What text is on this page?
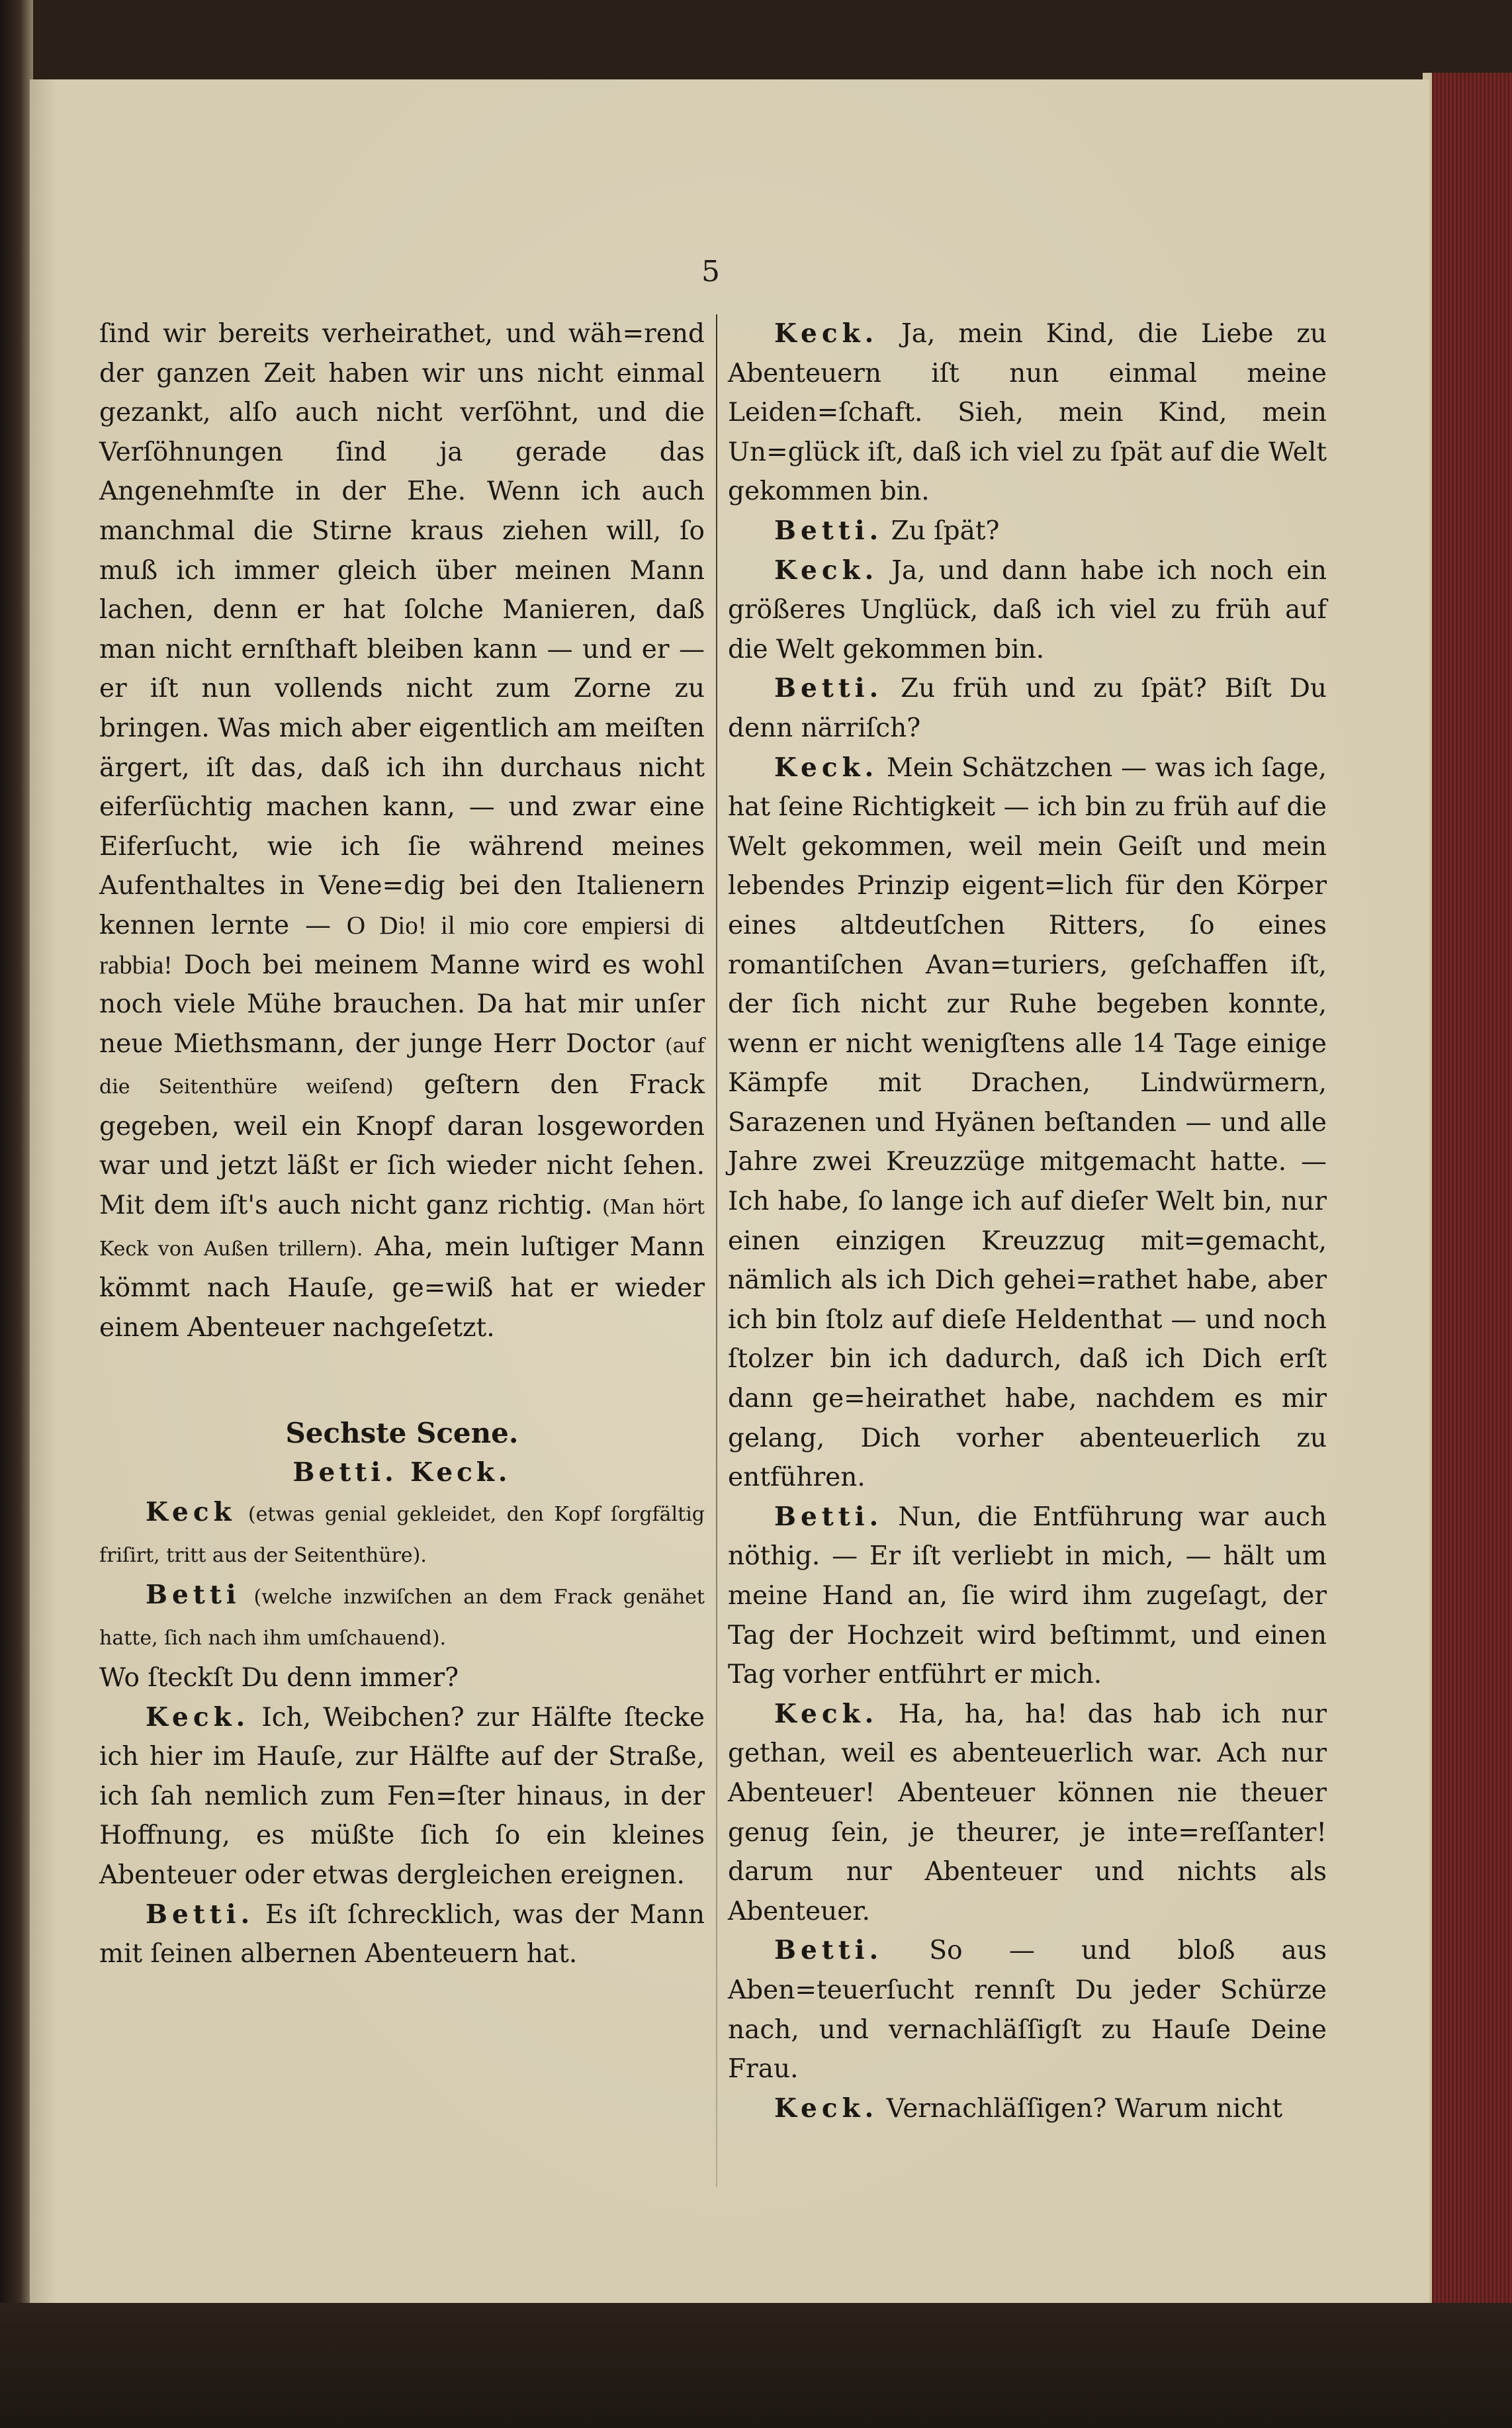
5

ſind wir bereits verheirathet, und wäh=rend der ganzen Zeit haben wir uns nicht einmal gezankt, alſo auch nicht verſöhnt, und die Verſöhnungen ſind ja gerade das Angenehmſte in der Ehe. Wenn ich auch manchmal die Stirne kraus ziehen will, ſo muß ich immer gleich über meinen Mann lachen, denn er hat ſolche Manieren, daß man nicht ernſthaft bleiben kann — und er — er iſt nun vollends nicht zum Zorne zu bringen. Was mich aber eigentlich am meiſten ärgert, iſt das, daß ich ihn durchaus nicht eiferſüchtig machen kann, — und zwar eine Eiferſucht, wie ich ſie während meines Aufenthaltes in Vene=dig bei den Italienern kennen lernte — O Dio! il mio core empiersi di rabbia! Doch bei meinem Manne wird es wohl noch viele Mühe brauchen. Da hat mir unſer neue Miethsmann, der junge Herr Doctor (auf die Seitenthüre weiſend) geſtern den Frack gegeben, weil ein Knopf daran losgeworden war und jetzt läßt er ſich wieder nicht ſehen. Mit dem iſt's auch nicht ganz richtig. (Man hört Keck von Außen trillern). Aha, mein luſtiger Mann kömmt nach Hauſe, ge=wiß hat er wieder einem Abenteuer nachgeſetzt.

Sechste Scene.

Betti. Keck.

Keck (etwas genial gekleidet, den Kopf ſorgfältig friſirt, tritt aus der Seitenthüre).

Betti (welche inzwiſchen an dem Frack genähet hatte, ſich nach ihm umſchauend).
Wo ſteckſt Du denn immer?

Keck. Ich, Weibchen? zur Hälfte ſtecke ich hier im Hauſe, zur Hälfte auf der Straße, ich ſah nemlich zum Fen=ſter hinaus, in der Hoffnung, es müßte ſich ſo ein kleines Abenteuer oder etwas dergleichen ereignen.

Betti. Es iſt ſchrecklich, was der Mann mit ſeinen albernen Abenteuern hat.

Keck. Ja, mein Kind, die Liebe zu Abenteuern iſt nun einmal meine Leiden=ſchaft. Sieh, mein Kind, mein Un=glück iſt, daß ich viel zu ſpät auf die Welt gekommen bin.

Betti. Zu ſpät?

Keck. Ja, und dann habe ich noch ein größeres Unglück, daß ich viel zu früh auf die Welt gekommen bin.

Betti. Zu früh und zu ſpät? Biſt Du denn närriſch?

Keck. Mein Schätzchen — was ich ſage, hat ſeine Richtigkeit — ich bin zu früh auf die Welt gekommen, weil mein Geiſt und mein lebendes Prinzip eigent=lich für den Körper eines altdeutſchen Ritters, ſo eines romantiſchen Avan=turiers, geſchaffen iſt, der ſich nicht zur Ruhe begeben konnte, wenn er nicht wenigſtens alle 14 Tage einige Kämpfe mit Drachen, Lindwürmern, Sarazenen und Hyänen beſtanden — und alle Jahre zwei Kreuzzüge mitgemacht hatte. — Ich habe, ſo lange ich auf dieſer Welt bin, nur einen einzigen Kreuzzug mit=gemacht, nämlich als ich Dich gehei=rathet habe, aber ich bin ſtolz auf dieſe Heldenthat — und noch ſtolzer bin ich dadurch, daß ich Dich erſt dann ge=heirathet habe, nachdem es mir gelang, Dich vorher abenteuerlich zu entführen.

Betti. Nun, die Entführung war auch nöthig. — Er iſt verliebt in mich, — hält um meine Hand an, ſie wird ihm zugeſagt, der Tag der Hochzeit wird beſtimmt, und einen Tag vorher entführt er mich.

Keck. Ha, ha, ha! das hab ich nur gethan, weil es abenteuerlich war. Ach nur Abenteuer! Abenteuer können nie theuer genug ſein, je theurer, je inte=reſſanter! darum nur Abenteuer und nichts als Abenteuer.

Betti. So — und bloß aus Aben=teuerſucht rennſt Du jeder Schürze nach, und vernachläſſigſt zu Hauſe Deine Frau.

Keck. Vernachläſſigen? Warum nicht
